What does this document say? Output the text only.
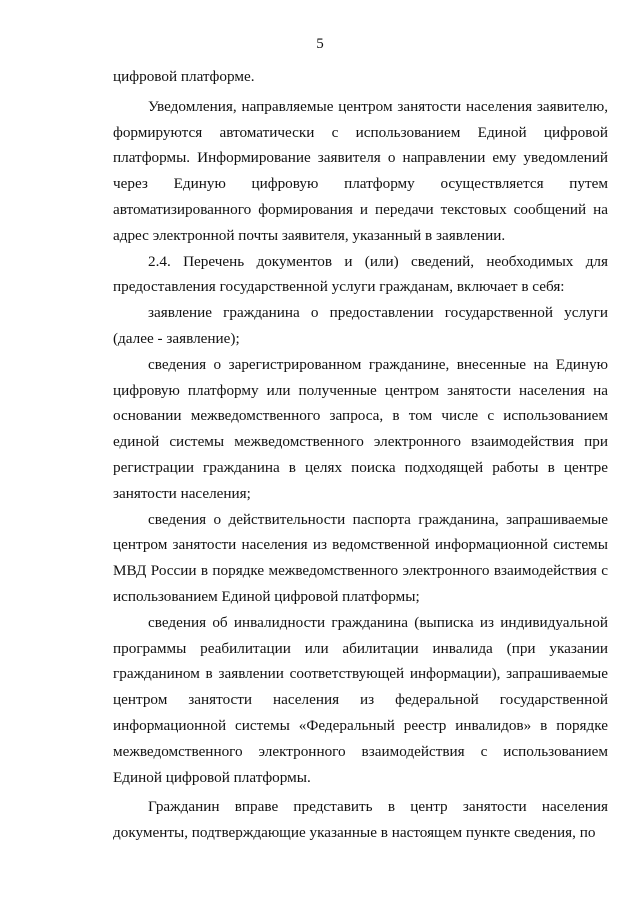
5

цифровой платформе.

Уведомления, направляемые центром занятости населения заявителю, формируются автоматически с использованием Единой цифровой платформы. Информирование заявителя о направлении ему уведомлений через Единую цифровую платформу осуществляется путем автоматизированного формирования и передачи текстовых сообщений на адрес электронной почты заявителя, указанный в заявлении.

2.4. Перечень документов и (или) сведений, необходимых для предоставления государственной услуги гражданам, включает в себя:

заявление гражданина о предоставлении государственной услуги (далее - заявление);

сведения о зарегистрированном гражданине, внесенные на Единую цифровую платформу или полученные центром занятости населения на основании межведомственного запроса, в том числе с использованием единой системы межведомственного электронного взаимодействия при регистрации гражданина в целях поиска подходящей работы в центре занятости населения;

сведения о действительности паспорта гражданина, запрашиваемые центром занятости населения из ведомственной информационной системы МВД России в порядке межведомственного электронного взаимодействия с использованием Единой цифровой платформы;

сведения об инвалидности гражданина (выписка из индивидуальной программы реабилитации или абилитации инвалида (при указании гражданином в заявлении соответствующей информации), запрашиваемые центром занятости населения из федеральной государственной информационной системы «Федеральный реестр инвалидов» в порядке межведомственного электронного взаимодействия с использованием Единой цифровой платформы.

Гражданин вправе представить в центр занятости населения документы, подтверждающие указанные в настоящем пункте сведения, по
